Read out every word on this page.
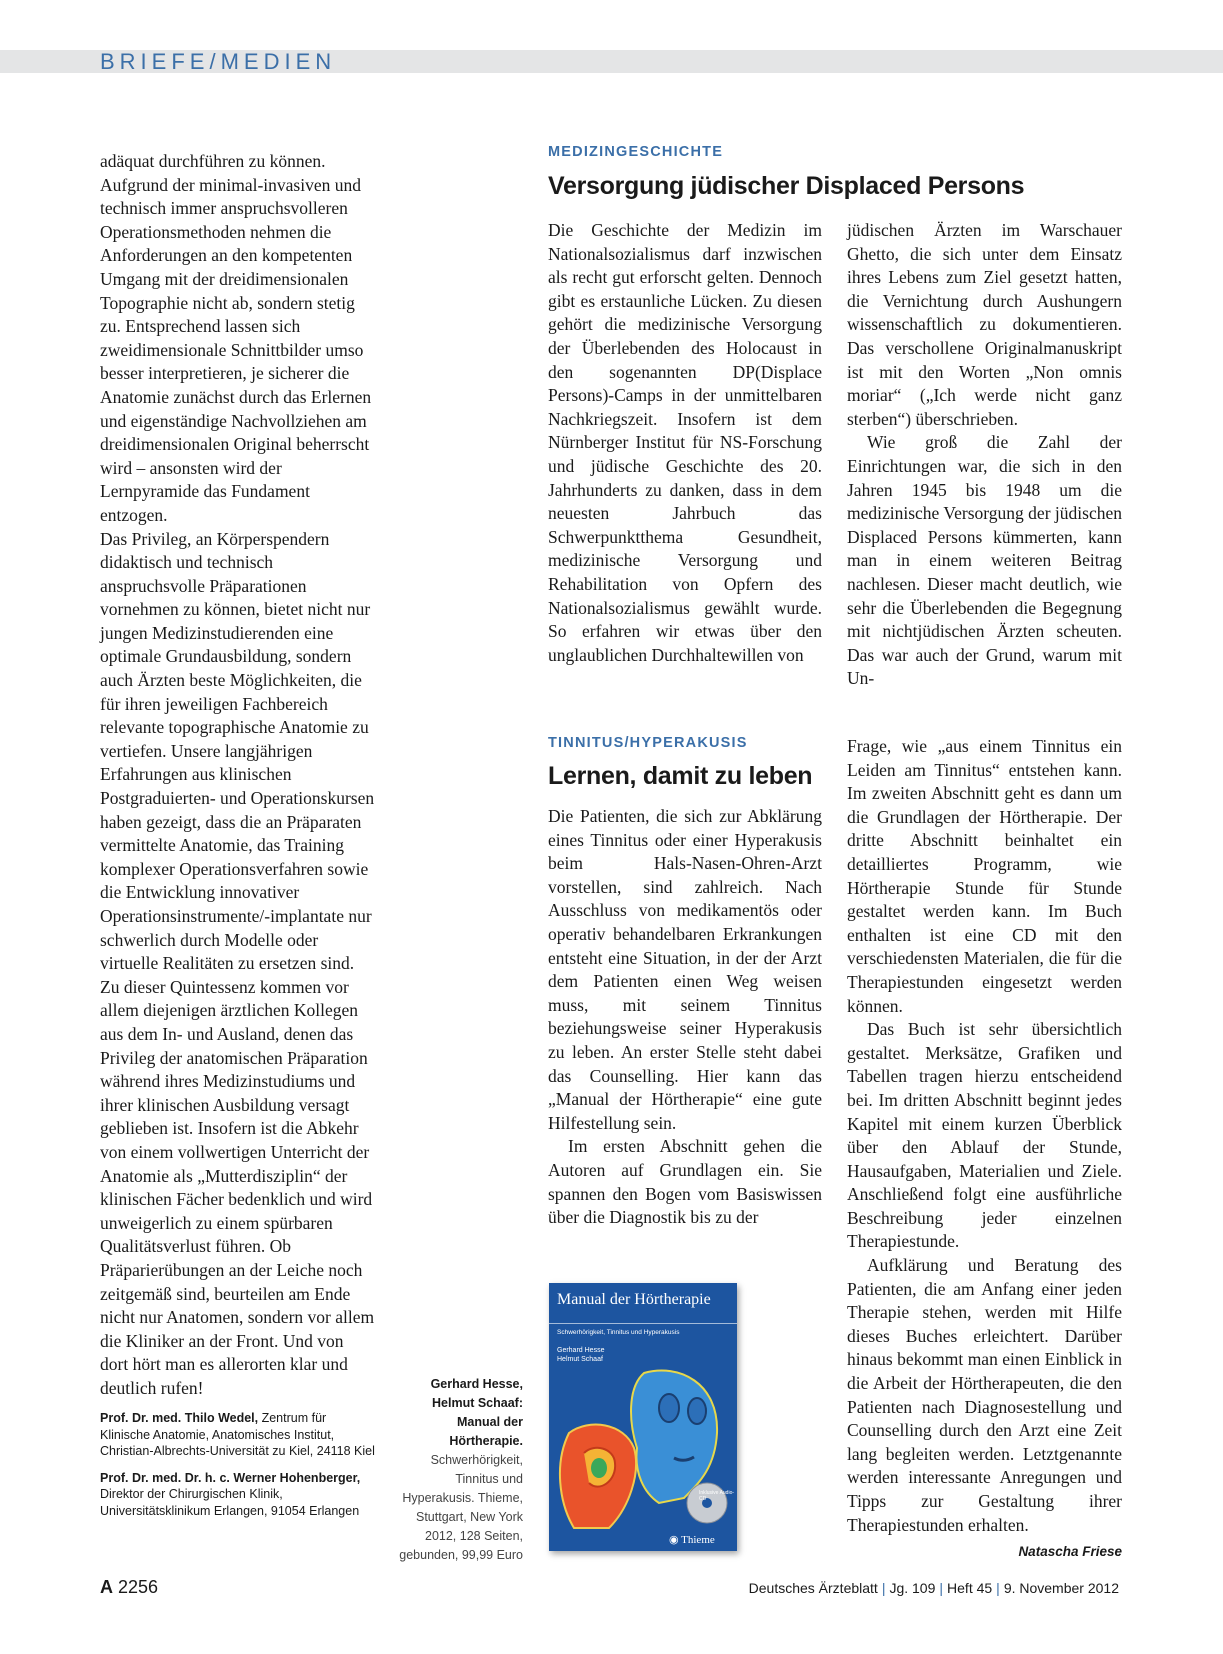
BRIEFE/MEDIEN

adäquat durchführen zu können. Aufgrund der minimal-invasiven und technisch immer anspruchsvolleren Operationsmethoden nehmen die Anforderungen an den kompetenten Umgang mit der dreidimensionalen Topographie nicht ab, sondern stetig zu. Entsprechend lassen sich zweidimensionale Schnittbilder umso besser interpretieren, je sicherer die Anatomie zunächst durch das Erlernen und eigenständige Nachvollziehen am dreidimensionalen Original beherrscht wird – ansonsten wird der Lernpyramide das Fundament entzogen.

Das Privileg, an Körperspendern didaktisch und technisch anspruchsvolle Präparationen vornehmen zu können, bietet nicht nur jungen Medizinstudierenden eine optimale Grundausbildung, sondern auch Ärzten beste Möglichkeiten, die für ihren jeweiligen Fachbereich relevante topographische Anatomie zu vertiefen. Unsere langjährigen Erfahrungen aus klinischen Postgraduierten- und Operationskursen haben gezeigt, dass die an Präparaten vermittelte Anatomie, das Training komplexer Operationsverfahren sowie die Entwicklung innovativer Operationsinstrumente/-implantate nur schwerlich durch Modelle oder virtuelle Realitäten zu ersetzen sind. Zu dieser Quintessenz kommen vor allem diejenigen ärztlichen Kollegen aus dem In- und Ausland, denen das Privileg der anatomischen Präparation während ihres Medizinstudiums und ihrer klinischen Ausbildung versagt geblieben ist. Insofern ist die Abkehr von einem vollwertigen Unterricht der Anatomie als „Mutterdisziplin“ der klinischen Fächer bedenklich und wird unweigerlich zu einem spürbaren Qualitätsverlust führen. Ob Präparierübungen an der Leiche noch zeitgemäß sind, beurteilen am Ende nicht nur Anatomen, sondern vor allem die Kliniker an der Front. Und von dort hört man es allerorten klar und deutlich rufen!

Prof. Dr. med. Thilo Wedel, Zentrum für Klinische Anatomie, Anatomisches Institut, Christian-Albrechts-Universität zu Kiel, 24118 Kiel
Prof. Dr. med. Dr. h. c. Werner Hohenberger, Direktor der Chirurgischen Klinik, Universitätsklinikum Erlangen, 91054 Erlangen
MEDIZINGESCHICHTE
Versorgung jüdischer Displaced Persons

Die Geschichte der Medizin im Nationalsozialismus darf inzwischen als recht gut erforscht gelten. Dennoch gibt es erstaunliche Lücken. Zu diesen gehört die medizinische Versorgung der Überlebenden des Holocaust in den sogenannten DP(Displace Persons)-Camps in der unmittelbaren Nachkriegszeit. Insofern ist dem Nürnberger Institut für NS-Forschung und jüdische Geschichte des 20. Jahrhunderts zu danken, dass in dem neuesten Jahrbuch das Schwerpunktthema Gesundheit, medizinische Versorgung und Rehabilitation von Opfern des Nationalsozialismus gewählt wurde. So erfahren wir etwas über den unglaublichen Durchhaltewillen von

jüdischen Ärzten im Warschauer Ghetto, die sich unter dem Einsatz ihres Lebens zum Ziel gesetzt hatten, die Vernichtung durch Aushungern wissenschaftlich zu dokumentieren. Das verschollene Originalmanuskript ist mit den Worten „Non omnis moriar“ („Ich werde nicht ganz sterben“) überschrieben.

Wie groß die Zahl der Einrichtungen war, die sich in den Jahren 1945 bis 1948 um die medizinische Versorgung der jüdischen Displaced Persons kümmerten, kann man in einem weiteren Beitrag nachlesen. Dieser macht deutlich, wie sehr die Überlebenden die Begegnung mit nichtjüdischen Ärzten scheuten. Das war auch der Grund, warum mit Un-

TINNITUS/HYPERAKUSIS
Lernen, damit zu leben

Die Patienten, die sich zur Abklärung eines Tinnitus oder einer Hyperakusis beim Hals-Nasen-Ohren-Arzt vorstellen, sind zahlreich. Nach Ausschluss von medikamentös oder operativ behandelbaren Erkrankungen entsteht eine Situation, in der der Arzt dem Patienten einen Weg weisen muss, mit seinem Tinnitus beziehungsweise seiner Hyperakusis zu leben. An erster Stelle steht dabei das Counselling. Hier kann das „Manual der Hörtherapie“ eine gute Hilfestellung sein.

Im ersten Abschnitt gehen die Autoren auf Grundlagen ein. Sie spannen den Bogen vom Basiswissen über die Diagnostik bis zu der

Frage, wie „aus einem Tinnitus ein Leiden am Tinnitus“ entstehen kann. Im zweiten Abschnitt geht es dann um die Grundlagen der Hörtherapie. Der dritte Abschnitt beinhaltet ein detailliertes Programm, wie Hörtherapie Stunde für Stunde gestaltet werden kann. Im Buch enthalten ist eine CD mit den verschiedensten Materialen, die für die Therapiestunden eingesetzt werden können.

Das Buch ist sehr übersichtlich gestaltet. Merksätze, Grafiken und Tabellen tragen hierzu entscheidend bei. Im dritten Abschnitt beginnt jedes Kapitel mit einem kurzen Überblick über den Ablauf der Stunde, Hausaufgaben, Materialien und Ziele. Anschließend folgt eine ausführliche Beschreibung jeder einzelnen Therapiestunde.

Aufklärung und Beratung des Patienten, die am Anfang einer jeden Therapie stehen, werden mit Hilfe dieses Buches erleichtert. Darüber hinaus bekommt man einen Einblick in die Arbeit der Hörtherapeuten, die den Patienten nach Diagnosestellung und Counselling durch den Arzt eine Zeit lang begleiten werden. Letztgenannte werden interessante Anregungen und Tipps zur Gestaltung ihrer Therapiestunden erhalten.
Natascha Friese

Gerhard Hesse, Helmut Schaaf: Manual der Hörtherapie. Schwerhörigkeit, Tinnitus und Hyperakusis. Thieme, Stuttgart, New York 2012, 128 Seiten, gebunden, 99,99 Euro
Manual der Hörtherapie
Schwerhörigkeit, Tinnitus und Hyperakusis
Gerhard Hesse
Helmut Schaaf
Inklusive Audio-CD
◉ Thieme
A 2256	Deutsches Ärzteblatt | Jg. 109 | Heft 45 | 9. November 2012
